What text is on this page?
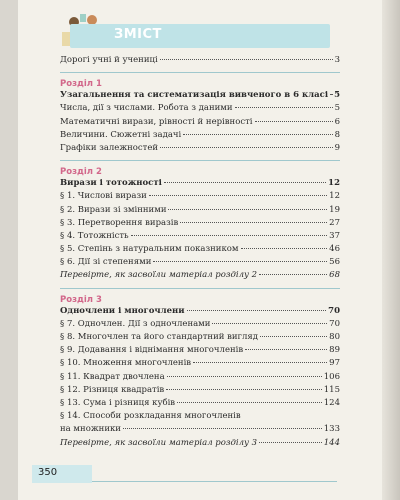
ЗМІСТ
Дорогі учні й учениці	3
Розділ 1
Узагальнення та систематизація вивченого в 6 класі 5
Числа, дії з числами. Робота з даними	5
Математичні вирази, рівності й нерівності	6
Величини. Сюжетні задачі	8
Графіки залежностей	9
Розділ 2
Вирази і тотожності	12
§ 1. Числові вирази	12
§ 2. Вирази зі змінними	19
§ 3. Перетворення виразів	27
§ 4. Тотожність	37
§ 5. Степінь з натуральним показником	46
§ 6. Дії зі степенями	56
Перевірте, як засвоїли матеріал розділу 2	68
Розділ 3
Одночлени і многочлени	70
§ 7. Одночлен. Дії з одночленами	70
§ 8. Многочлен та його стандартний вигляд	80
§ 9. Додавання і віднімання многочленів	89
§ 10. Множення многочленів	97
§ 11. Квадрат двочлена	106
§ 12. Різниця квадратів	115
§ 13. Сума і різниця кубів	124
§ 14. Способи розкладання многочленів
на множники	133
Перевірте, як засвоїли матеріал розділу 3	144
350
